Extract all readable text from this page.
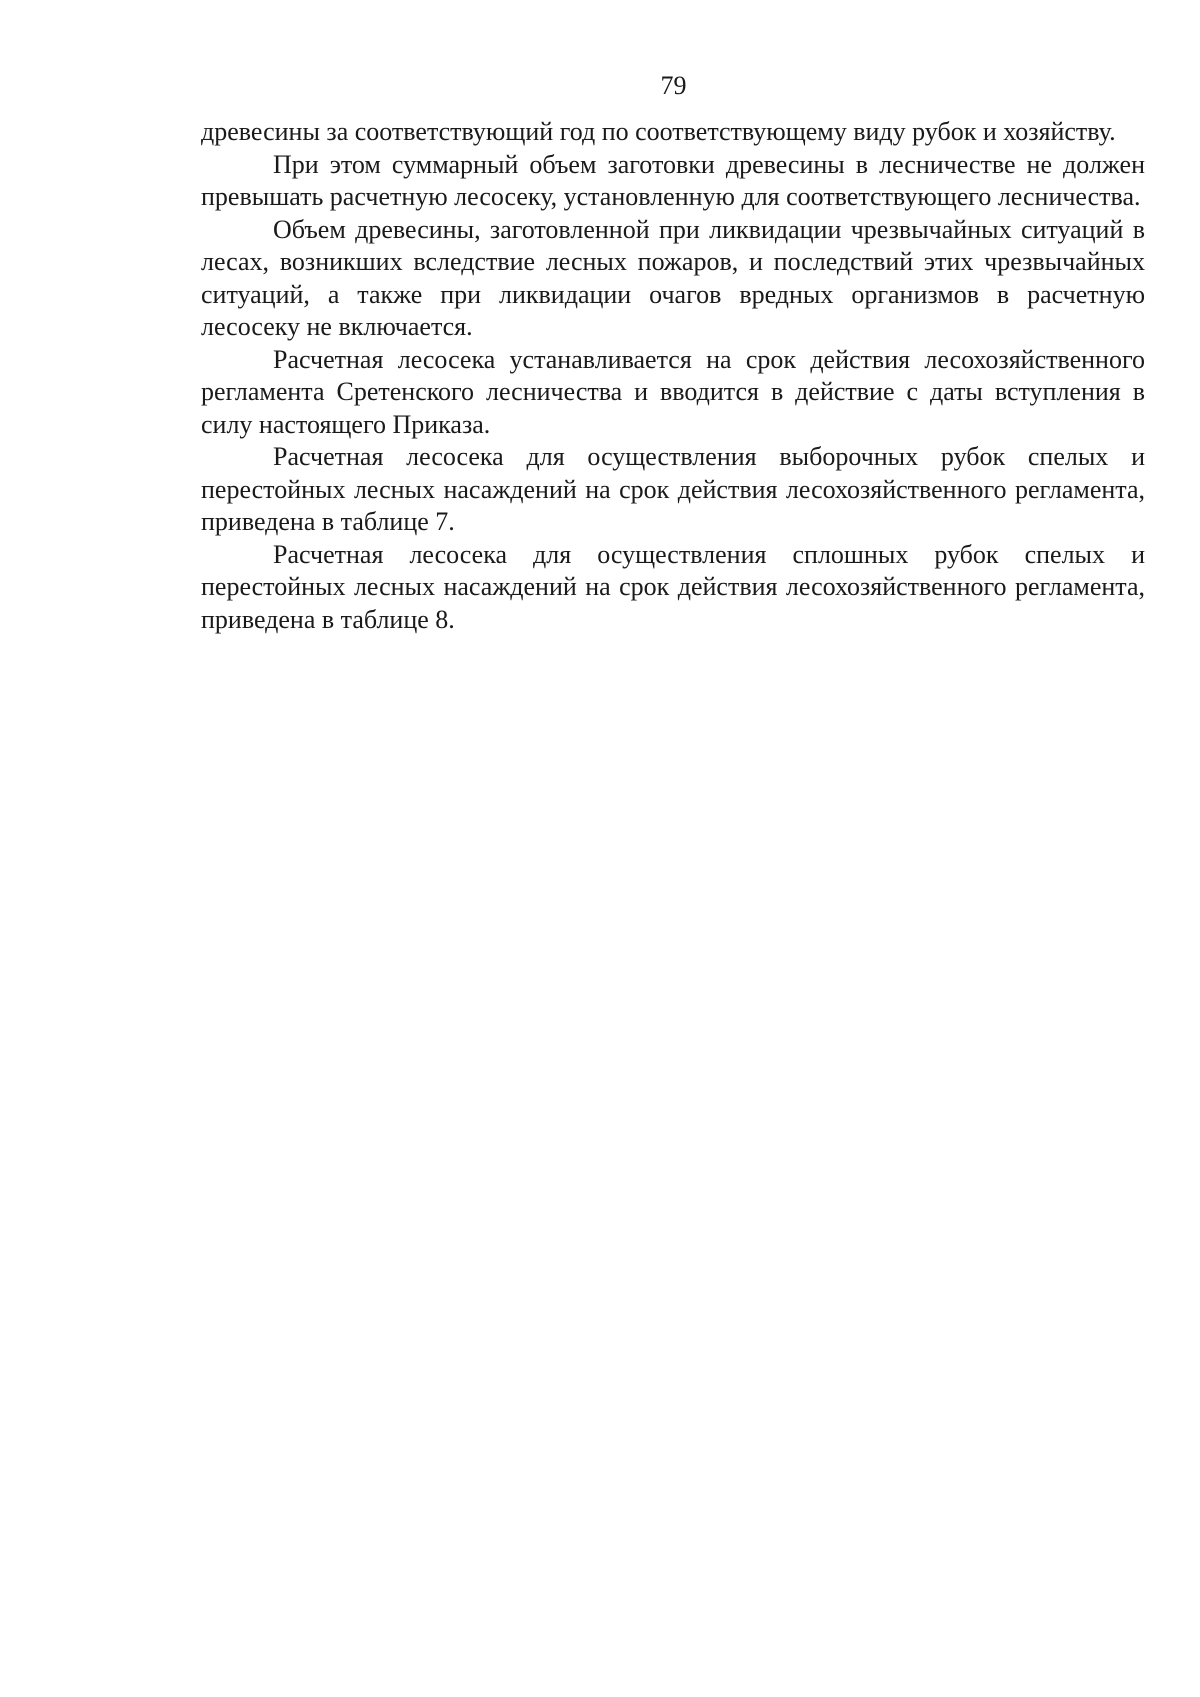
79

древесины за соответствующий год по соответствующему виду рубок и хозяйству.

При этом суммарный объем заготовки древесины в лесничестве не должен превышать расчетную лесосеку, установленную для соответствующего лесничества.

Объем древесины, заготовленной при ликвидации чрезвычайных ситуаций в лесах, возникших вследствие лесных пожаров, и последствий этих чрезвычайных ситуаций, а также при ликвидации очагов вредных организмов в расчетную лесосеку не включается.

Расчетная лесосека устанавливается на срок действия лесохозяйственного регламента Сретенского лесничества и вводится в действие с даты вступления в силу настоящего Приказа.

Расчетная лесосека для осуществления выборочных рубок спелых и перестойных лесных насаждений на срок действия лесохозяйственного регламента, приведена в таблице 7.

Расчетная лесосека для осуществления сплошных рубок спелых и перестойных лесных насаждений на срок действия лесохозяйственного регламента, приведена в таблице 8.
